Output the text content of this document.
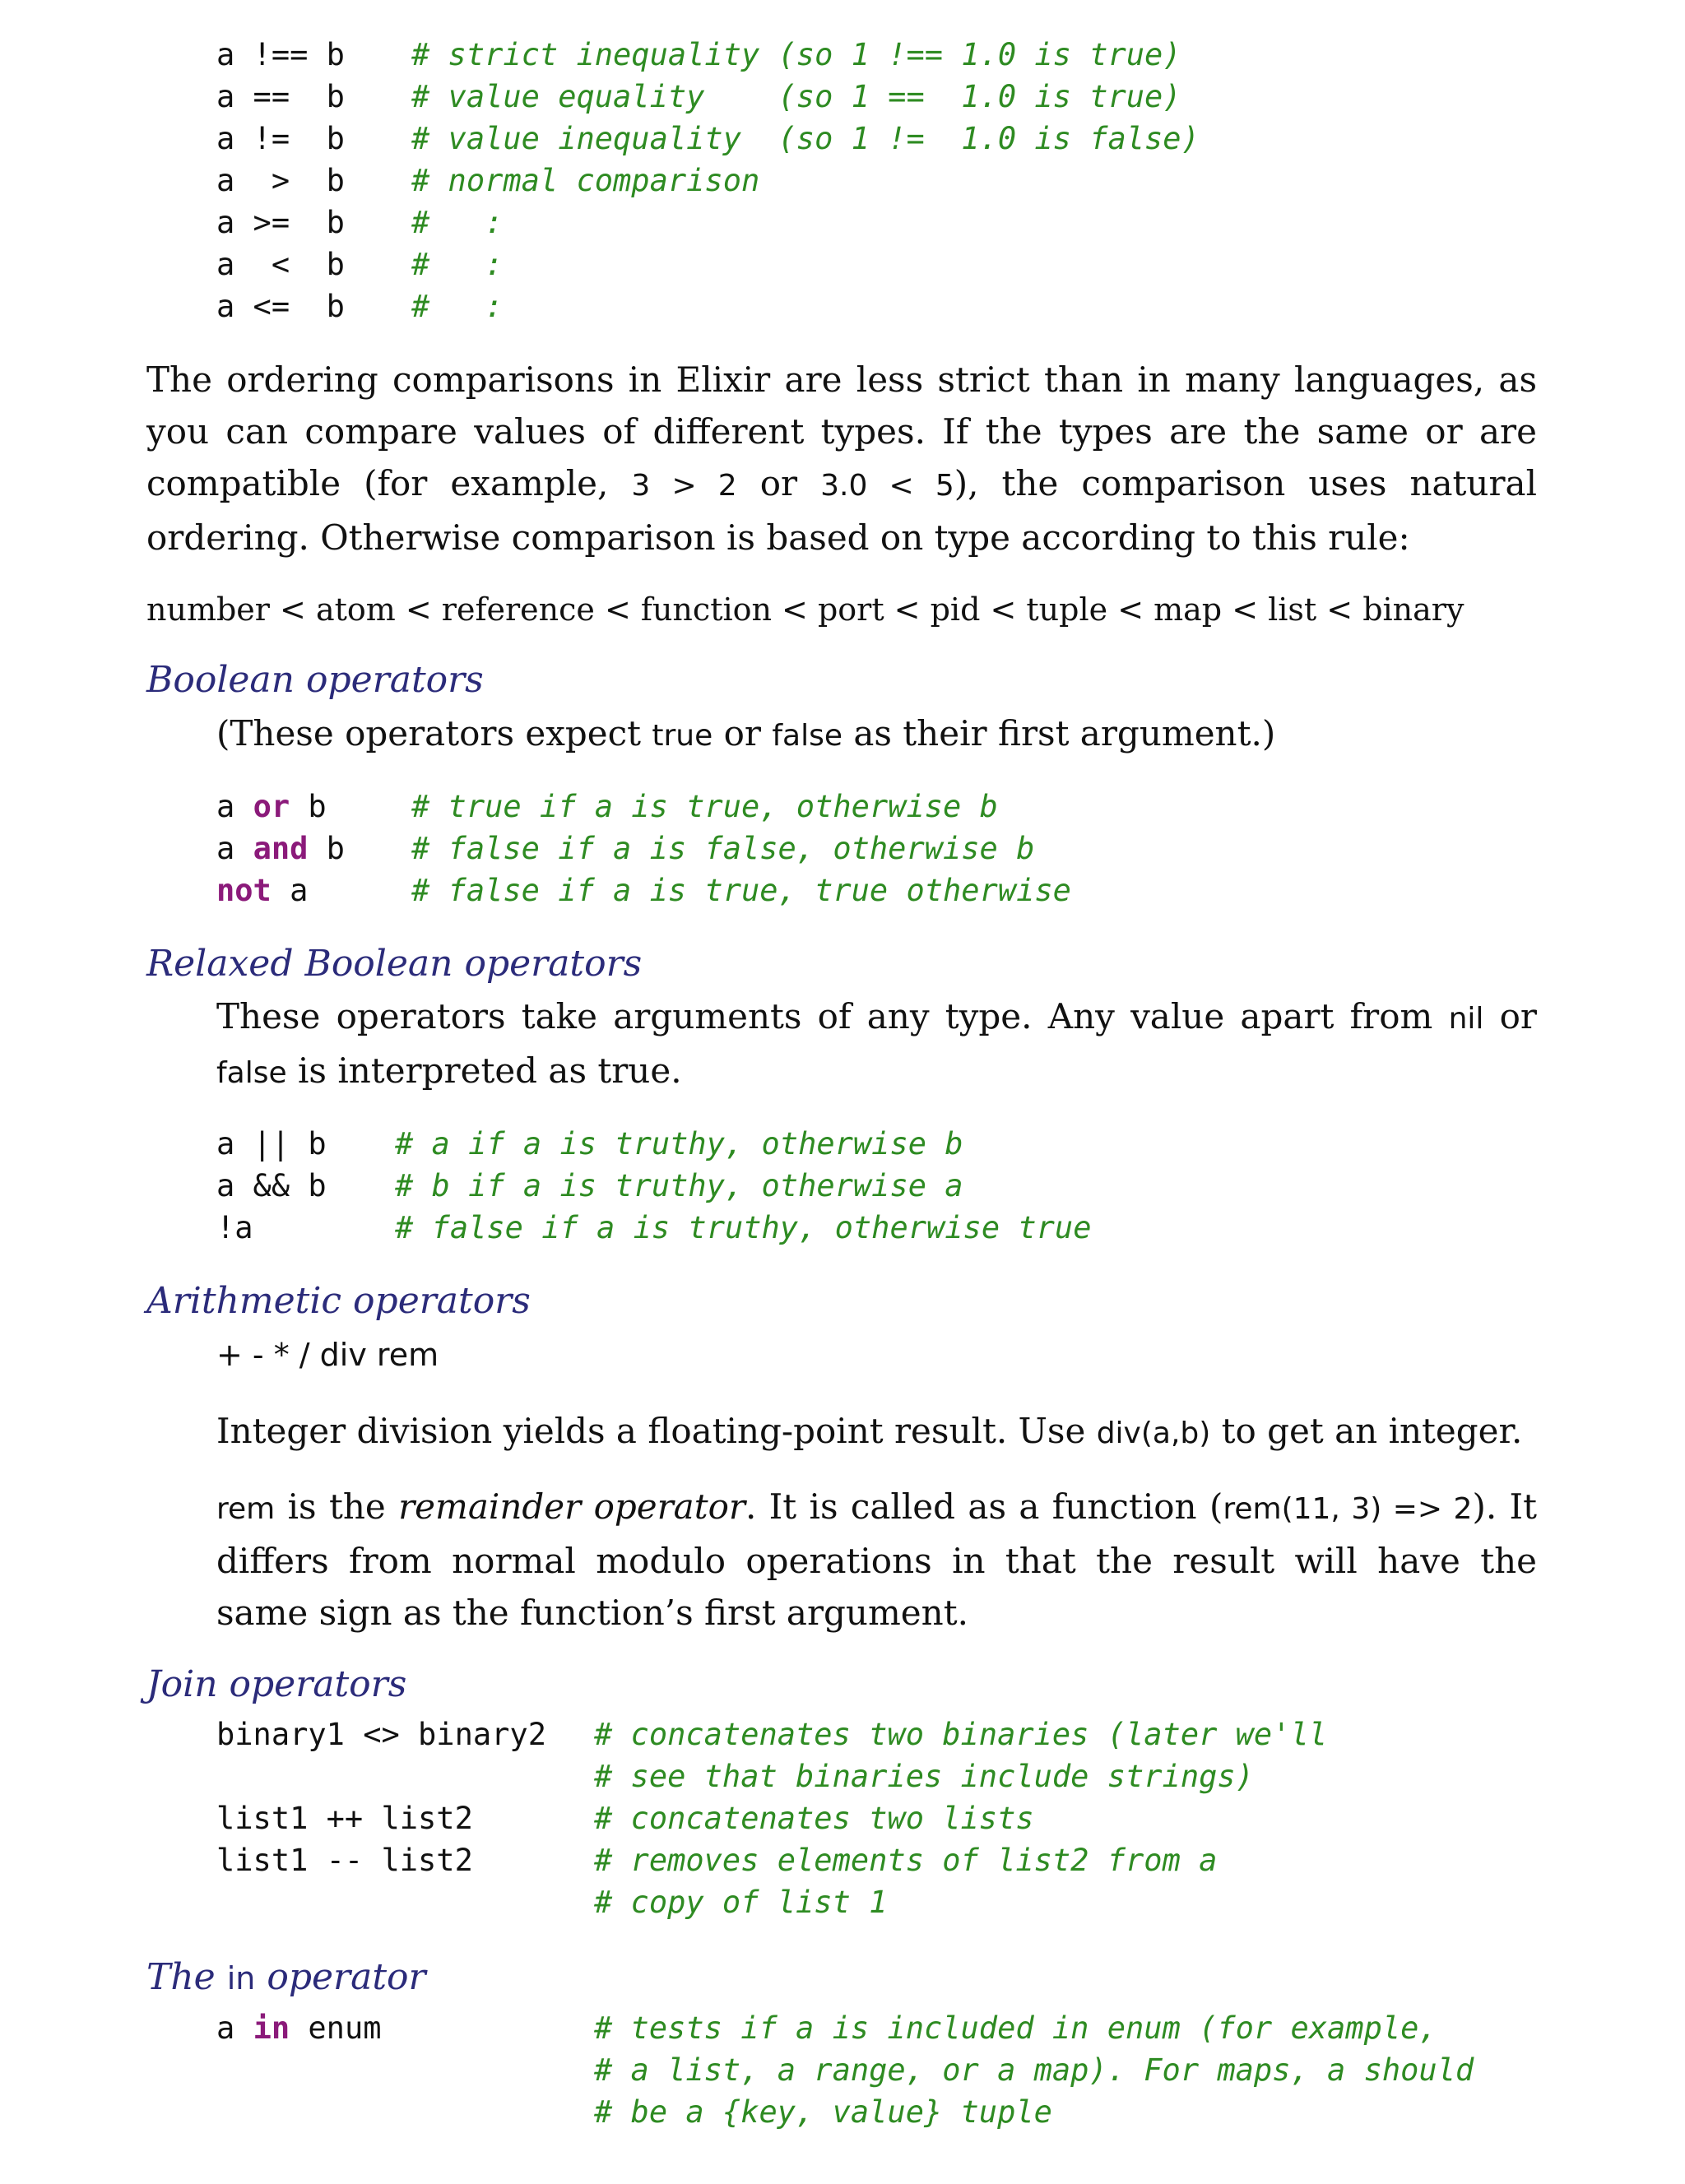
a !== b # strict inequality (so 1 !== 1.0 is true)
a ==  b # value equality    (so 1 ==  1.0 is true)
a !=  b # value inequality  (so 1 !=  1.0 is false)
a  >  b # normal comparison
a >=  b #   :
a  <  b #   :
a <=  b #   :
The ordering comparisons in Elixir are less strict than in many languages, as you can compare values of different types. If the types are the same or are compatible (for example, 3 > 2 or 3.0 < 5), the comparison uses natural ordering. Otherwise comparison is based on type according to this rule:
number < atom < reference < function < port < pid < tuple < map < list < binary
Boolean operators
(These operators expect true or false as their first argument.)
a or b	# true if a is true, otherwise b
a and b # false if a is false, otherwise b
not a	# false if a is true, true otherwise
Relaxed Boolean operators
These operators take arguments of any type. Any value apart from nil or false is interpreted as true.
a || b # a if a is truthy, otherwise b
a && b # b if a is truthy, otherwise a
!a	# false if a is truthy, otherwise true
Arithmetic operators
+ - * / div rem
Integer division yields a floating-point result. Use div(a,b) to get an integer.
rem is the remainder operator. It is called as a function (rem(11, 3) => 2). It differs from normal modulo operations in that the result will have the same sign as the function’s first argument.
Join operators
binary1 <> binary2 # concatenates two binaries (later we'll
# see that binaries include strings)
list1 ++ list2	# concatenates two lists
list1 -- list2	# removes elements of list2 from a
# copy of list 1
The in operator
a in enum	# tests if a is included in enum (for example,
# a list, a range, or a map). For maps, a should
# be a {key, value} tuple
